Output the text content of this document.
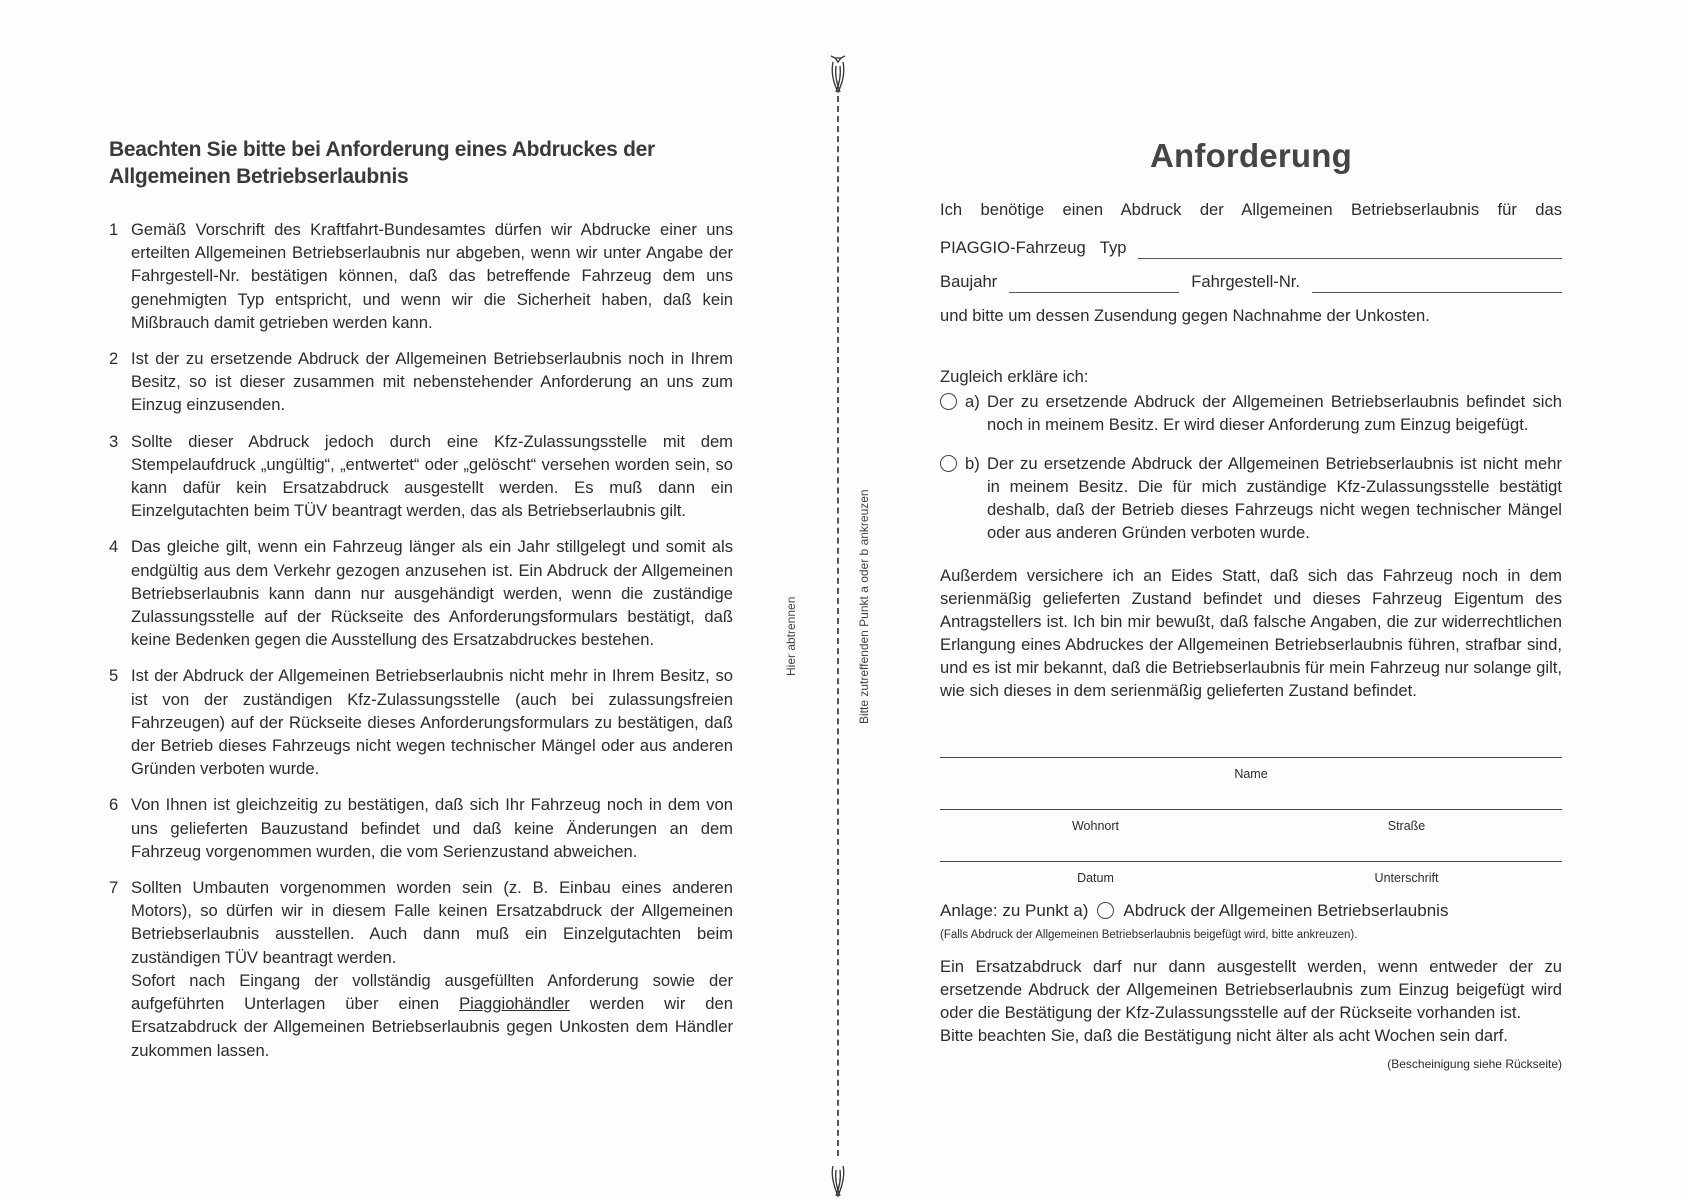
Beachten Sie bitte bei Anforderung eines Abdruckes der Allgemeinen Betriebserlaubnis
1 Gemäß Vorschrift des Kraftfahrt-Bundesamtes dürfen wir Abdrucke einer uns erteilten Allgemeinen Betriebserlaubnis nur abgeben, wenn wir unter Angabe der Fahrgestell-Nr. bestätigen können, daß das betreffende Fahrzeug dem uns genehmigten Typ entspricht, und wenn wir die Sicherheit haben, daß kein Mißbrauch damit getrieben werden kann.
2 Ist der zu ersetzende Abdruck der Allgemeinen Betriebserlaubnis noch in Ihrem Besitz, so ist dieser zusammen mit nebenstehender Anforderung an uns zum Einzug einzusenden.
3 Sollte dieser Abdruck jedoch durch eine Kfz-Zulassungsstelle mit dem Stempelaufdruck „ungültig“, „entwertet“ oder „gelöscht“ versehen worden sein, so kann dafür kein Ersatzabdruck ausgestellt werden. Es muß dann ein Einzelgutachten beim TÜV beantragt werden, das als Betriebserlaubnis gilt.
4 Das gleiche gilt, wenn ein Fahrzeug länger als ein Jahr stillgelegt und somit als endgültig aus dem Verkehr gezogen anzusehen ist. Ein Abdruck der Allgemeinen Betriebserlaubnis kann dann nur ausgehändigt werden, wenn die zuständige Zulassungsstelle auf der Rückseite des Anforderungsformulars bestätigt, daß keine Bedenken gegen die Ausstellung des Ersatzabdruckes bestehen.
5 Ist der Abdruck der Allgemeinen Betriebserlaubnis nicht mehr in Ihrem Besitz, so ist von der zuständigen Kfz-Zulassungsstelle (auch bei zulassungsfreien Fahrzeugen) auf der Rückseite dieses Anforderungsformulars zu bestätigen, daß der Betrieb dieses Fahrzeugs nicht wegen technischer Mängel oder aus anderen Gründen verboten wurde.
6 Von Ihnen ist gleichzeitig zu bestätigen, daß sich Ihr Fahrzeug noch in dem von uns gelieferten Bauzustand befindet und daß keine Änderungen an dem Fahrzeug vorgenommen wurden, die vom Serienzustand abweichen.
7 Sollten Umbauten vorgenommen worden sein (z. B. Einbau eines anderen Motors), so dürfen wir in diesem Falle keinen Ersatzabdruck der Allgemeinen Betriebserlaubnis ausstellen. Auch dann muß ein Einzelgutachten beim zuständigen TÜV beantragt werden.

Sofort nach Eingang der vollständig ausgefüllten Anforderung sowie der aufgeführten Unterlagen über einen Piaggiohändler werden wir den Ersatzabdruck der Allgemeinen Betriebserlaubnis gegen Unkosten dem Händler zukommen lassen.

Hier abtrennen	Bitte zutreffenden Punkt a oder b ankreuzen
Anforderung
Ich benötige einen Abdruck der Allgemeinen Betriebserlaubnis für das
PIAGGIO-Fahrzeug Typ
Baujahr	Fahrgestell-Nr.

und bitte um dessen Zusendung gegen Nachnahme der Unkosten.

Zugleich erkläre ich:
a) Der zu ersetzende Abdruck der Allgemeinen Betriebserlaubnis befindet sich noch in meinem Besitz. Er wird dieser Anforderung zum Einzug beigefügt.
b) Der zu ersetzende Abdruck der Allgemeinen Betriebserlaubnis ist nicht mehr in meinem Besitz. Die für mich zuständige Kfz-Zulassungsstelle bestätigt deshalb, daß der Betrieb dieses Fahrzeugs nicht wegen technischer Mängel oder aus anderen Gründen verboten wurde.
Außerdem versichere ich an Eides Statt, daß sich das Fahrzeug noch in dem serienmäßig gelieferten Zustand befindet und dieses Fahrzeug Eigentum des Antragstellers ist. Ich bin mir bewußt, daß falsche Angaben, die zur widerrechtlichen Erlangung eines Abdruckes der Allgemeinen Betriebserlaubnis führen, strafbar sind, und es ist mir bekannt, daß die Betriebserlaubnis für mein Fahrzeug nur solange gilt, wie sich dieses in dem serienmäßig gelieferten Zustand befindet.
Name
Wohnort	Straße
Datum	Unterschrift
Anlage: zu Punkt a) Abdruck der Allgemeinen Betriebserlaubnis
(Falls Abdruck der Allgemeinen Betriebserlaubnis beigefügt wird, bitte ankreuzen).

Ein Ersatzabdruck darf nur dann ausgestellt werden, wenn entweder der zu ersetzende Abdruck der Allgemeinen Betriebserlaubnis zum Einzug beigefügt wird oder die Bestätigung der Kfz-Zulassungsstelle auf der Rückseite vorhanden ist.

Bitte beachten Sie, daß die Bestätigung nicht älter als acht Wochen sein darf.

(Bescheinigung siehe Rückseite)
